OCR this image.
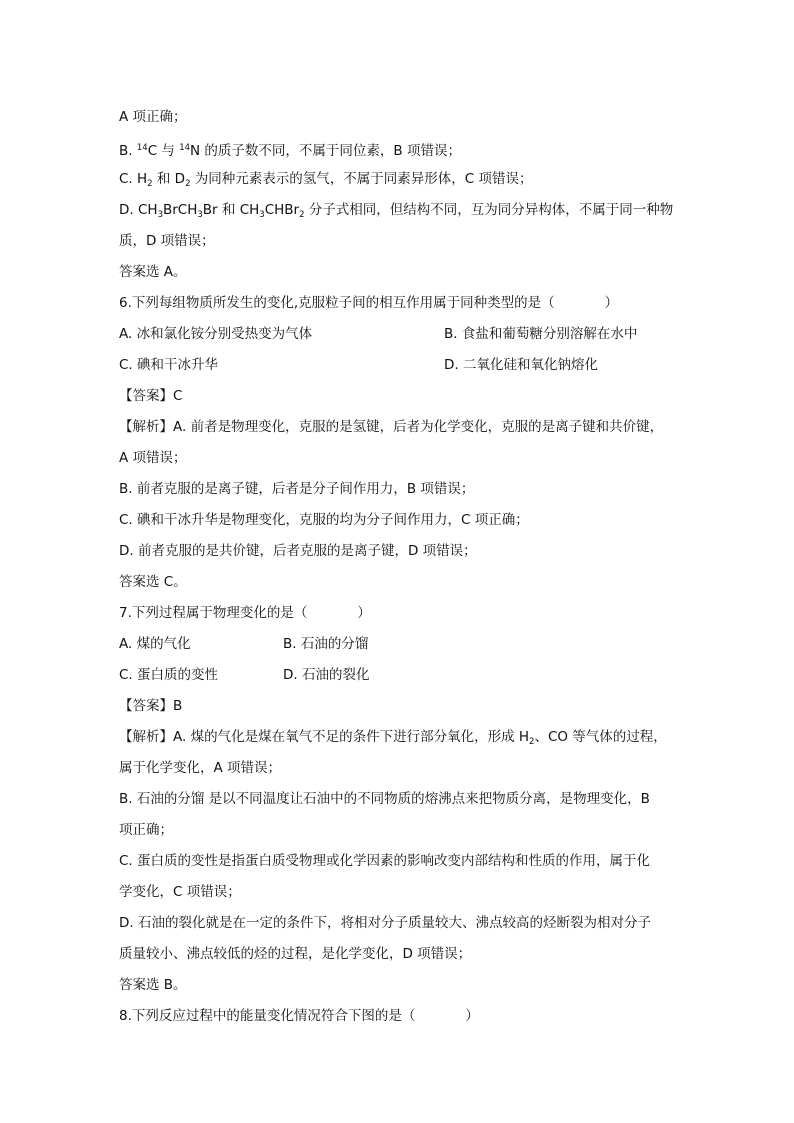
A 项正确；
B. $^{14}$C 与 $^{14}$N 的质子数不同，不属于同位素，B 项错误；
C. $H_2$ 和 $D_2$ 为同种元素表示的氢气，不属于同素异形体，C 项错误；
D. $CH_3BrCH_3Br$ 和 $CH_3CHBr_2$ 分子式相同，但结构不同，互为同分异构体，不属于同一种物
质，D 项错误；
答案选 A。
6.下列每组物质所发生的变化,克服粒子间的相互作用属于同种类型的是（	）
A. 冰和氯化铵分别受热变为气体	B. 食盐和葡萄糖分别溶解在水中
C. 碘和干冰升华	D. 二氧化硅和氧化钠熔化
【答案】C
【解析】A. 前者是物理变化，克服的是氢键，后者为化学变化，克服的是离子键和共价键，
A 项错误；
B. 前者克服的是离子键，后者是分子间作用力，B 项错误；
C. 碘和干冰升华是物理变化，克服的均为分子间作用力，C 项正确；
D. 前者克服的是共价键，后者克服的是离子键，D 项错误；
答案选 C。
7.下列过程属于物理变化的是（	）
A. 煤的气化	B. 石油的分馏
C. 蛋白质的变性	D. 石油的裂化
【答案】B
【解析】A. 煤的气化是煤在氧气不足的条件下进行部分氧化，形成 $H_2$、CO 等气体的过程，
属于化学变化，A 项错误；
B. 石油的分馏 是以不同温度让石油中的不同物质的熔沸点来把物质分离，是物理变化，B
项正确；
C. 蛋白质的变性是指蛋白质受物理或化学因素的影响改变内部结构和性质的作用，属于化
学变化，C 项错误；
D. 石油的裂化就是在一定的条件下，将相对分子质量较大、沸点较高的烃断裂为相对分子
质量较小、沸点较低的烃的过程，是化学变化，D 项错误；
答案选 B。
8.下列反应过程中的能量变化情况符合下图的是（	）
